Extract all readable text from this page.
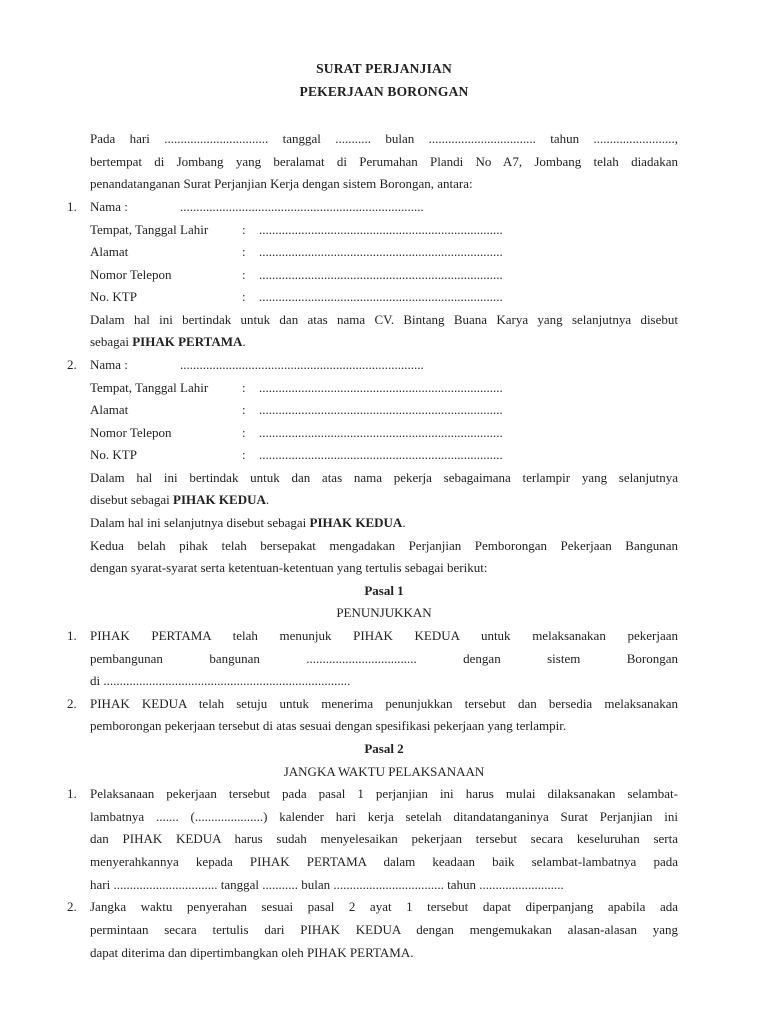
SURAT PERJANJIAN
PEKERJAAN BORONGAN
Pada hari ................................ tanggal ........... bulan ................................. tahun .........................,
bertempat di Jombang yang beralamat di Perumahan Plandi No A7, Jombang telah diadakan
penandatanganan Surat Perjanjian Kerja dengan sistem Borongan, antara:
1. Nama :	...........................................................................
Tempat, Tanggal Lahir	: ...........................................................................
Alamat	: ...........................................................................
Nomor Telepon	: ...........................................................................
No. KTP	: ...........................................................................
Dalam hal ini bertindak untuk dan atas nama CV. Bintang Buana Karya yang selanjutnya disebut
sebagai PIHAK PERTAMA.
2. Nama :	...........................................................................
Tempat, Tanggal Lahir	: ...........................................................................
Alamat	: ...........................................................................
Nomor Telepon	: ...........................................................................
No. KTP	: ...........................................................................
Dalam hal ini bertindak untuk dan atas nama pekerja sebagaimana terlampir yang selanjutnya
disebut sebagai PIHAK KEDUA.
Dalam hal ini selanjutnya disebut sebagai PIHAK KEDUA.
Kedua belah pihak telah bersepakat mengadakan Perjanjian Pemborongan Pekerjaan Bangunan
dengan syarat-syarat serta ketentuan-ketentuan yang tertulis sebagai berikut:
Pasal 1
PENUNJUKKAN
1. PIHAK PERTAMA telah menunjuk PIHAK KEDUA untuk melaksanakan pekerjaan
pembangunan bangunan .................................. dengan sistem Borongan
di ............................................................................
2. PIHAK KEDUA telah setuju untuk menerima penunjukkan tersebut dan bersedia melaksanakan
pemborongan pekerjaan tersebut di atas sesuai dengan spesifikasi pekerjaan yang terlampir.
Pasal 2
JANGKA WAKTU PELAKSANAAN
1. Pelaksanaan pekerjaan tersebut pada pasal 1 perjanjian ini harus mulai dilaksanakan selambat-
lambatnya ....... (.....................) kalender hari kerja setelah ditandatanganinya Surat Perjanjian ini
dan PIHAK KEDUA harus sudah menyelesaikan pekerjaan tersebut secara keseluruhan serta
menyerahkannya kepada PIHAK PERTAMA dalam keadaan baik selambat-lambatnya pada
hari ................................ tanggal ........... bulan .................................. tahun ..........................
2. Jangka waktu penyerahan sesuai pasal 2 ayat 1 tersebut dapat diperpanjang apabila ada
permintaan secara tertulis dari PIHAK KEDUA dengan mengemukakan alasan-alasan yang
dapat diterima dan dipertimbangkan oleh PIHAK PERTAMA.
